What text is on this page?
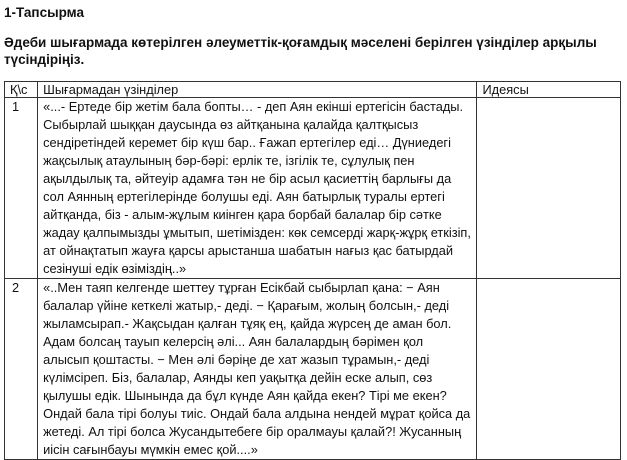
1-Тапсырма

Әдеби шығармада көтерілген әлеуметтік-қоғамдық мәселені берілген үзінділер арқылы түсіндіріңіз.

Қ\с	Шығармадан үзінділер	Идеясы
1	«...- Ертеде бір жетім бала бопты… - деп Аян екінші ертегісін бастады. Сыбырлай шыққан даусында өз айтқанына қалайда қалтқысыз сендіретіндей керемет бір күш бар.. Ғажап ертегілер еді… Дүниедегі жақсылық атаулының бәр-бәрі: ерлік те, ізгілік те, сұлулық пен ақылдылық та, әйтеуір адамға тән не бір асыл қасиеттің барлығы да сол Аянның ертегілерінде болушы еді. Аян батырлық туралы ертегі айтқанда, біз - алым-жұлым киінген қара борбай балалар бір сәтке жадау қалпымызды ұмытып, шетімізден: көк семсерді жарқ-жұрқ еткізіп, ат ойнақтатып жауға қарсы арыстанша шабатын нағыз қас батырдай сезінуші едік өзіміздің..»	
2	«..Мен таяп келгенде шеттеу тұрған Есікбай сыбырлап қана: − Аян балалар үйіне кеткелі жатыр,- деді. − Қарағым, жолың болсын,- деді жыламсырап.- Жақсыдан қалған тұяқ ең, қайда жүрсең де аман бол. Адам болсаң тауып келерсің әлі... Аян балалардың бәрімен қол алысып қоштасты. − Мен әлі бәріңе де хат жазып тұрамын,- деді күлімсіреп. Біз, балалар, Аянды кеп уақытқа дейін еске алып, сөз қылушы едік. Шынында да бұл күнде Аян қайда екен? Тірі ме екен? Ондай бала тірі болуы тиіс. Ондай бала алдына нендей мұрат қойса да жетеді. Ал тірі болса Жусандытебеге бір оралмауы қалай?! Жусанның иісін сағынбауы мүмкін емес қой....»	
